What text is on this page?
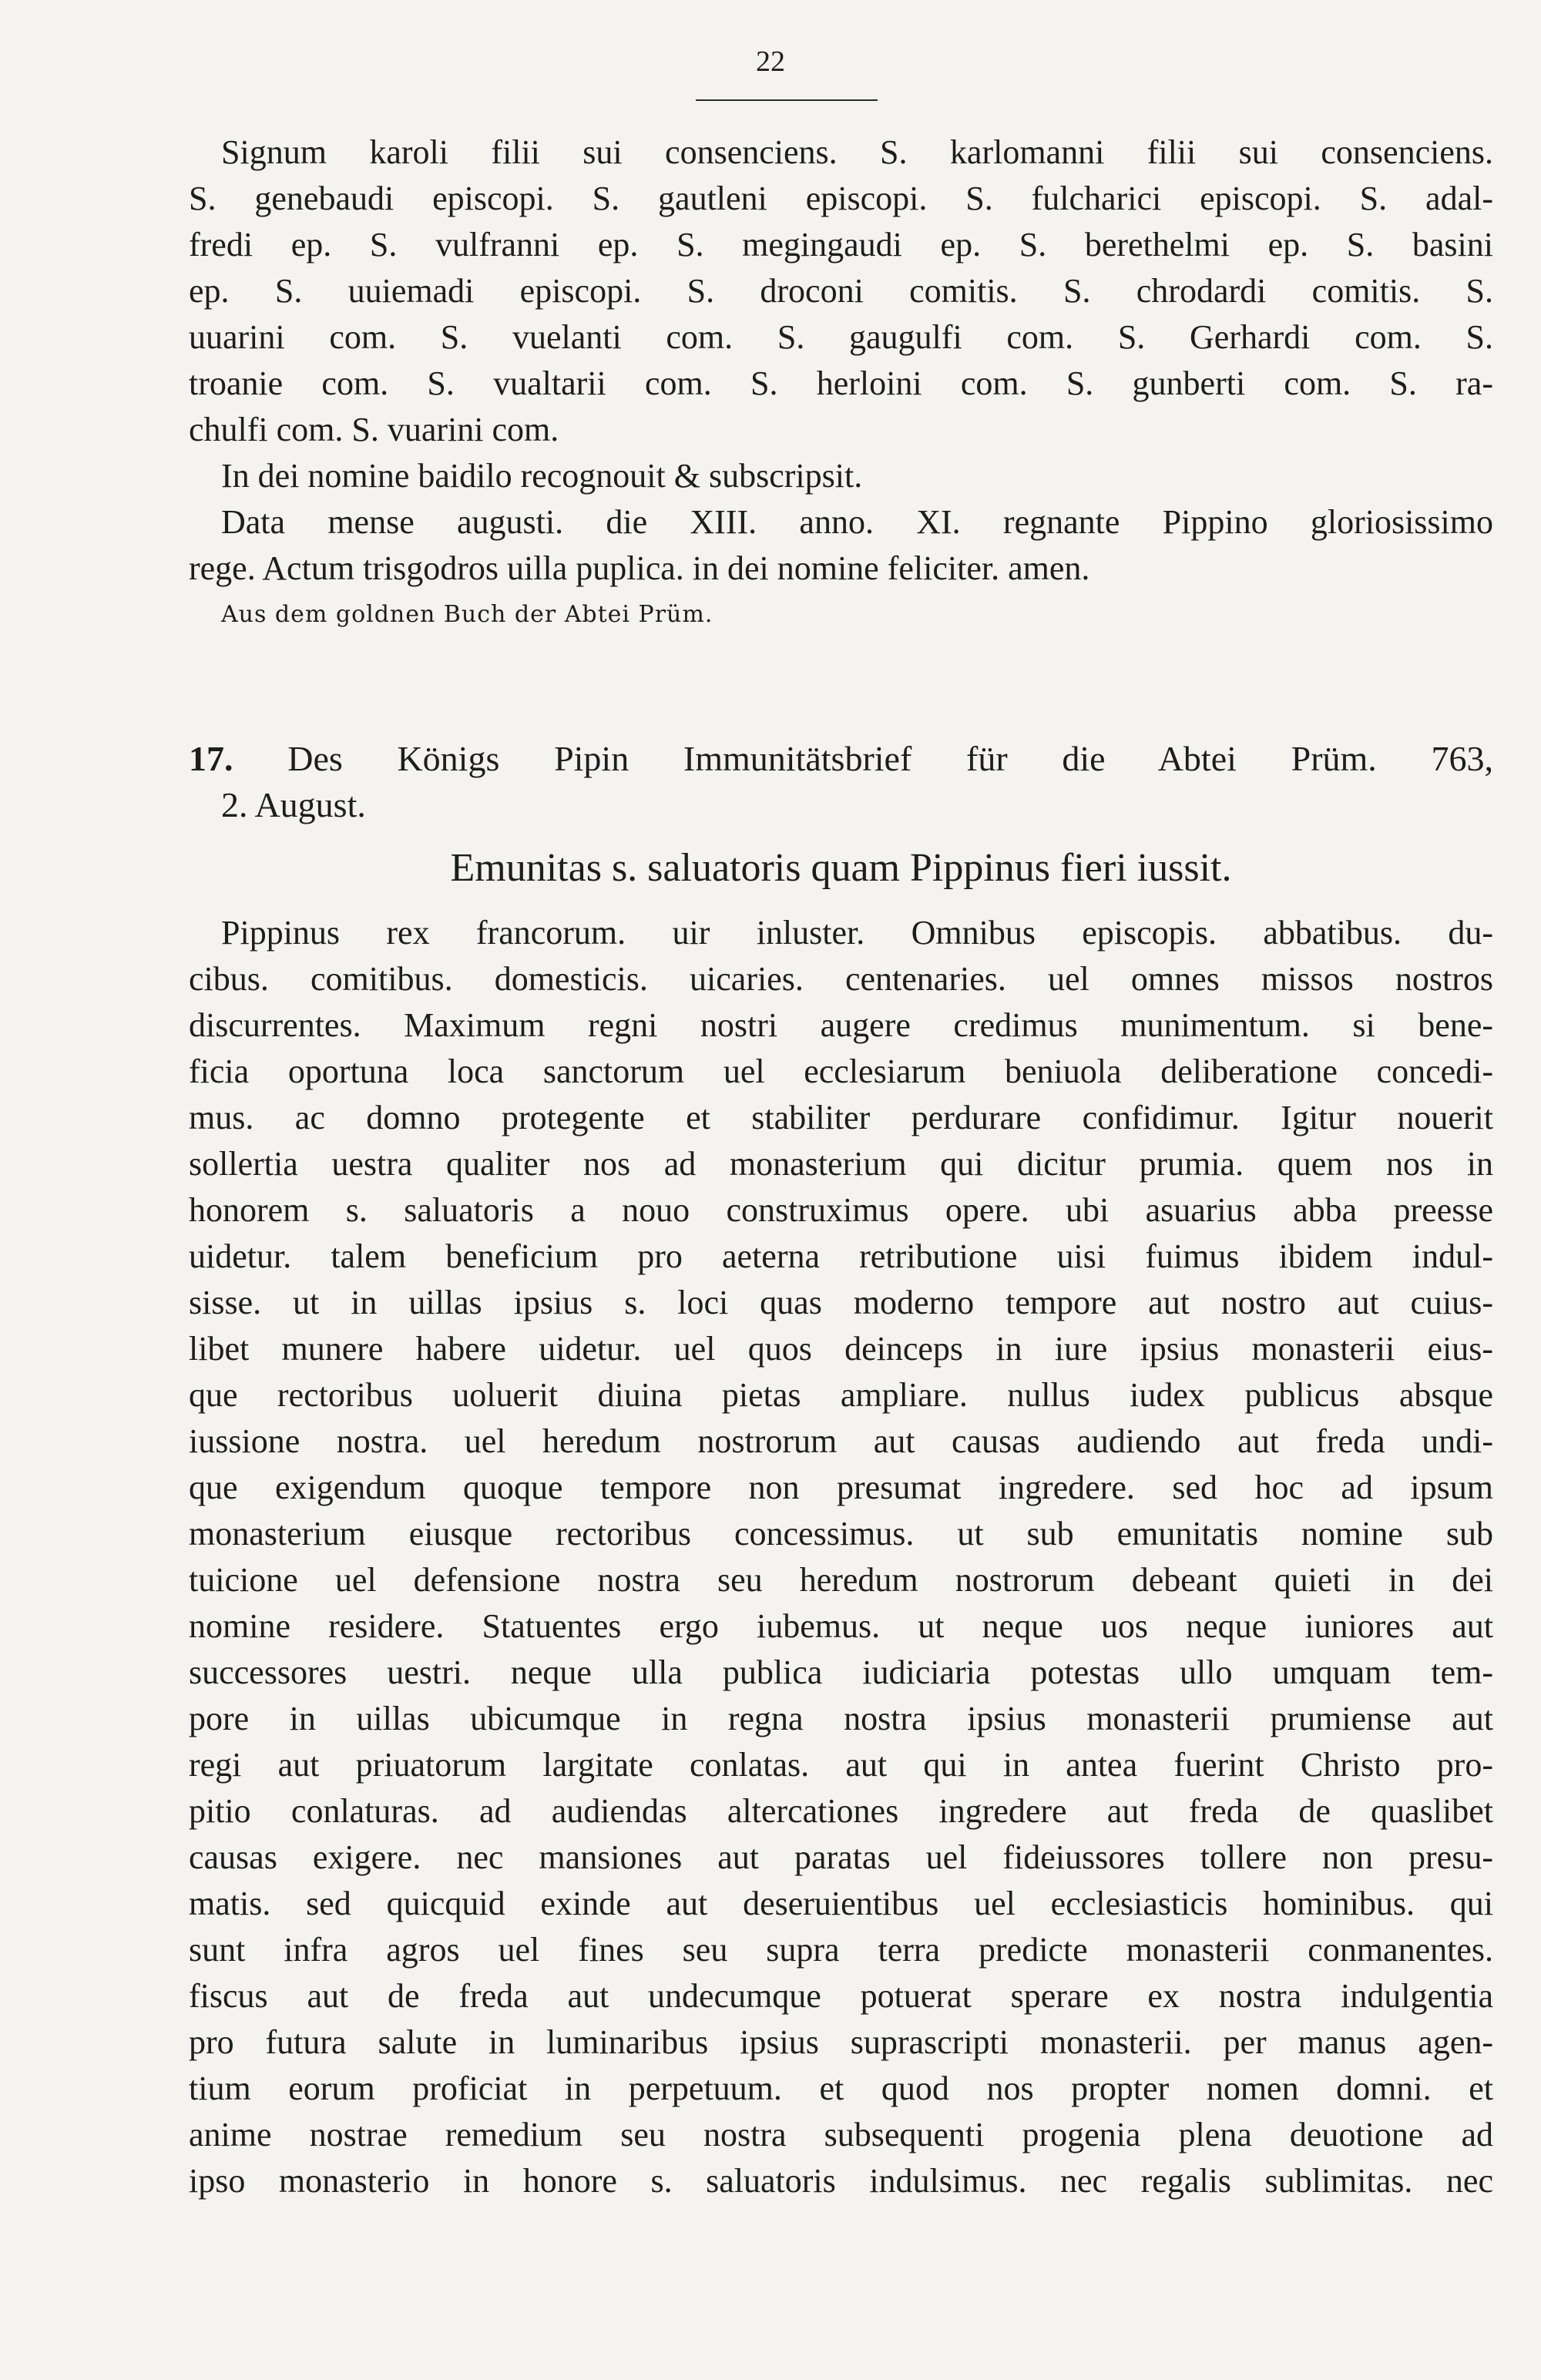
22
Signum karoli filii sui consenciens. S. karlomanni filii sui consenciens.
S. genebaudi episcopi. S. gautleni episcopi. S. fulcharici episcopi. S. adal-
fredi ep. S. vulfranni ep. S. megingaudi ep. S. berethelmi ep. S. basini
ep. S. uuiemadi episcopi. S. droconi comitis. S. chrodardi comitis. S.
uuarini com. S. vuelanti com. S. gaugulfi com. S. Gerhardi com. S.
troanie com. S. vualtarii com. S. herloini com. S. gunberti com. S. ra-
chulfi com. S. vuarini com.
In dei nomine baidilo recognouit & subscripsit.
Data mense augusti. die XIII. anno. XI. regnante Pippino gloriosissimo
rege. Actum trisgodros uilla puplica. in dei nomine feliciter. amen.
Aus dem goldnen Buch der Abtei Prüm.
17. Des Königs Pipin Immunitätsbrief für die Abtei Prüm. 763,
2. August.
Emunitas s. saluatoris quam Pippinus fieri iussit.
Pippinus rex francorum. uir inluster. Omnibus episcopis. abbatibus. du-
cibus. comitibus. domesticis. uicaries. centenaries. uel omnes missos nostros
discurrentes. Maximum regni nostri augere credimus munimentum. si bene-
ficia oportuna loca sanctorum uel ecclesiarum beniuola deliberatione concedi-
mus. ac domno protegente et stabiliter perdurare confidimur. Igitur nouerit
sollertia uestra qualiter nos ad monasterium qui dicitur prumia. quem nos in
honorem s. saluatoris a nouo construximus opere. ubi asuarius abba preesse
uidetur. talem beneficium pro aeterna retributione uisi fuimus ibidem indul-
sisse. ut in uillas ipsius s. loci quas moderno tempore aut nostro aut cuius-
libet munere habere uidetur. uel quos deinceps in iure ipsius monasterii eius-
que rectoribus uoluerit diuina pietas ampliare. nullus iudex publicus absque
iussione nostra. uel heredum nostrorum aut causas audiendo aut freda undi-
que exigendum quoque tempore non presumat ingredere. sed hoc ad ipsum
monasterium eiusque rectoribus concessimus. ut sub emunitatis nomine sub
tuicione uel defensione nostra seu heredum nostrorum debeant quieti in dei
nomine residere. Statuentes ergo iubemus. ut neque uos neque iuniores aut
successores uestri. neque ulla publica iudiciaria potestas ullo umquam tem-
pore in uillas ubicumque in regna nostra ipsius monasterii prumiense aut
regi aut priuatorum largitate conlatas. aut qui in antea fuerint Christo pro-
pitio conlaturas. ad audiendas altercationes ingredere aut freda de quaslibet
causas exigere. nec mansiones aut paratas uel fideiussores tollere non presu-
matis. sed quicquid exinde aut deseruientibus uel ecclesiasticis hominibus. qui
sunt infra agros uel fines seu supra terra predicte monasterii conmanentes.
fiscus aut de freda aut undecumque potuerat sperare ex nostra indulgentia
pro futura salute in luminaribus ipsius suprascripti monasterii. per manus agen-
tium eorum proficiat in perpetuum. et quod nos propter nomen domni. et
anime nostrae remedium seu nostra subsequenti progenia plena deuotione ad
ipso monasterio in honore s. saluatoris indulsimus. nec regalis sublimitas. nec
